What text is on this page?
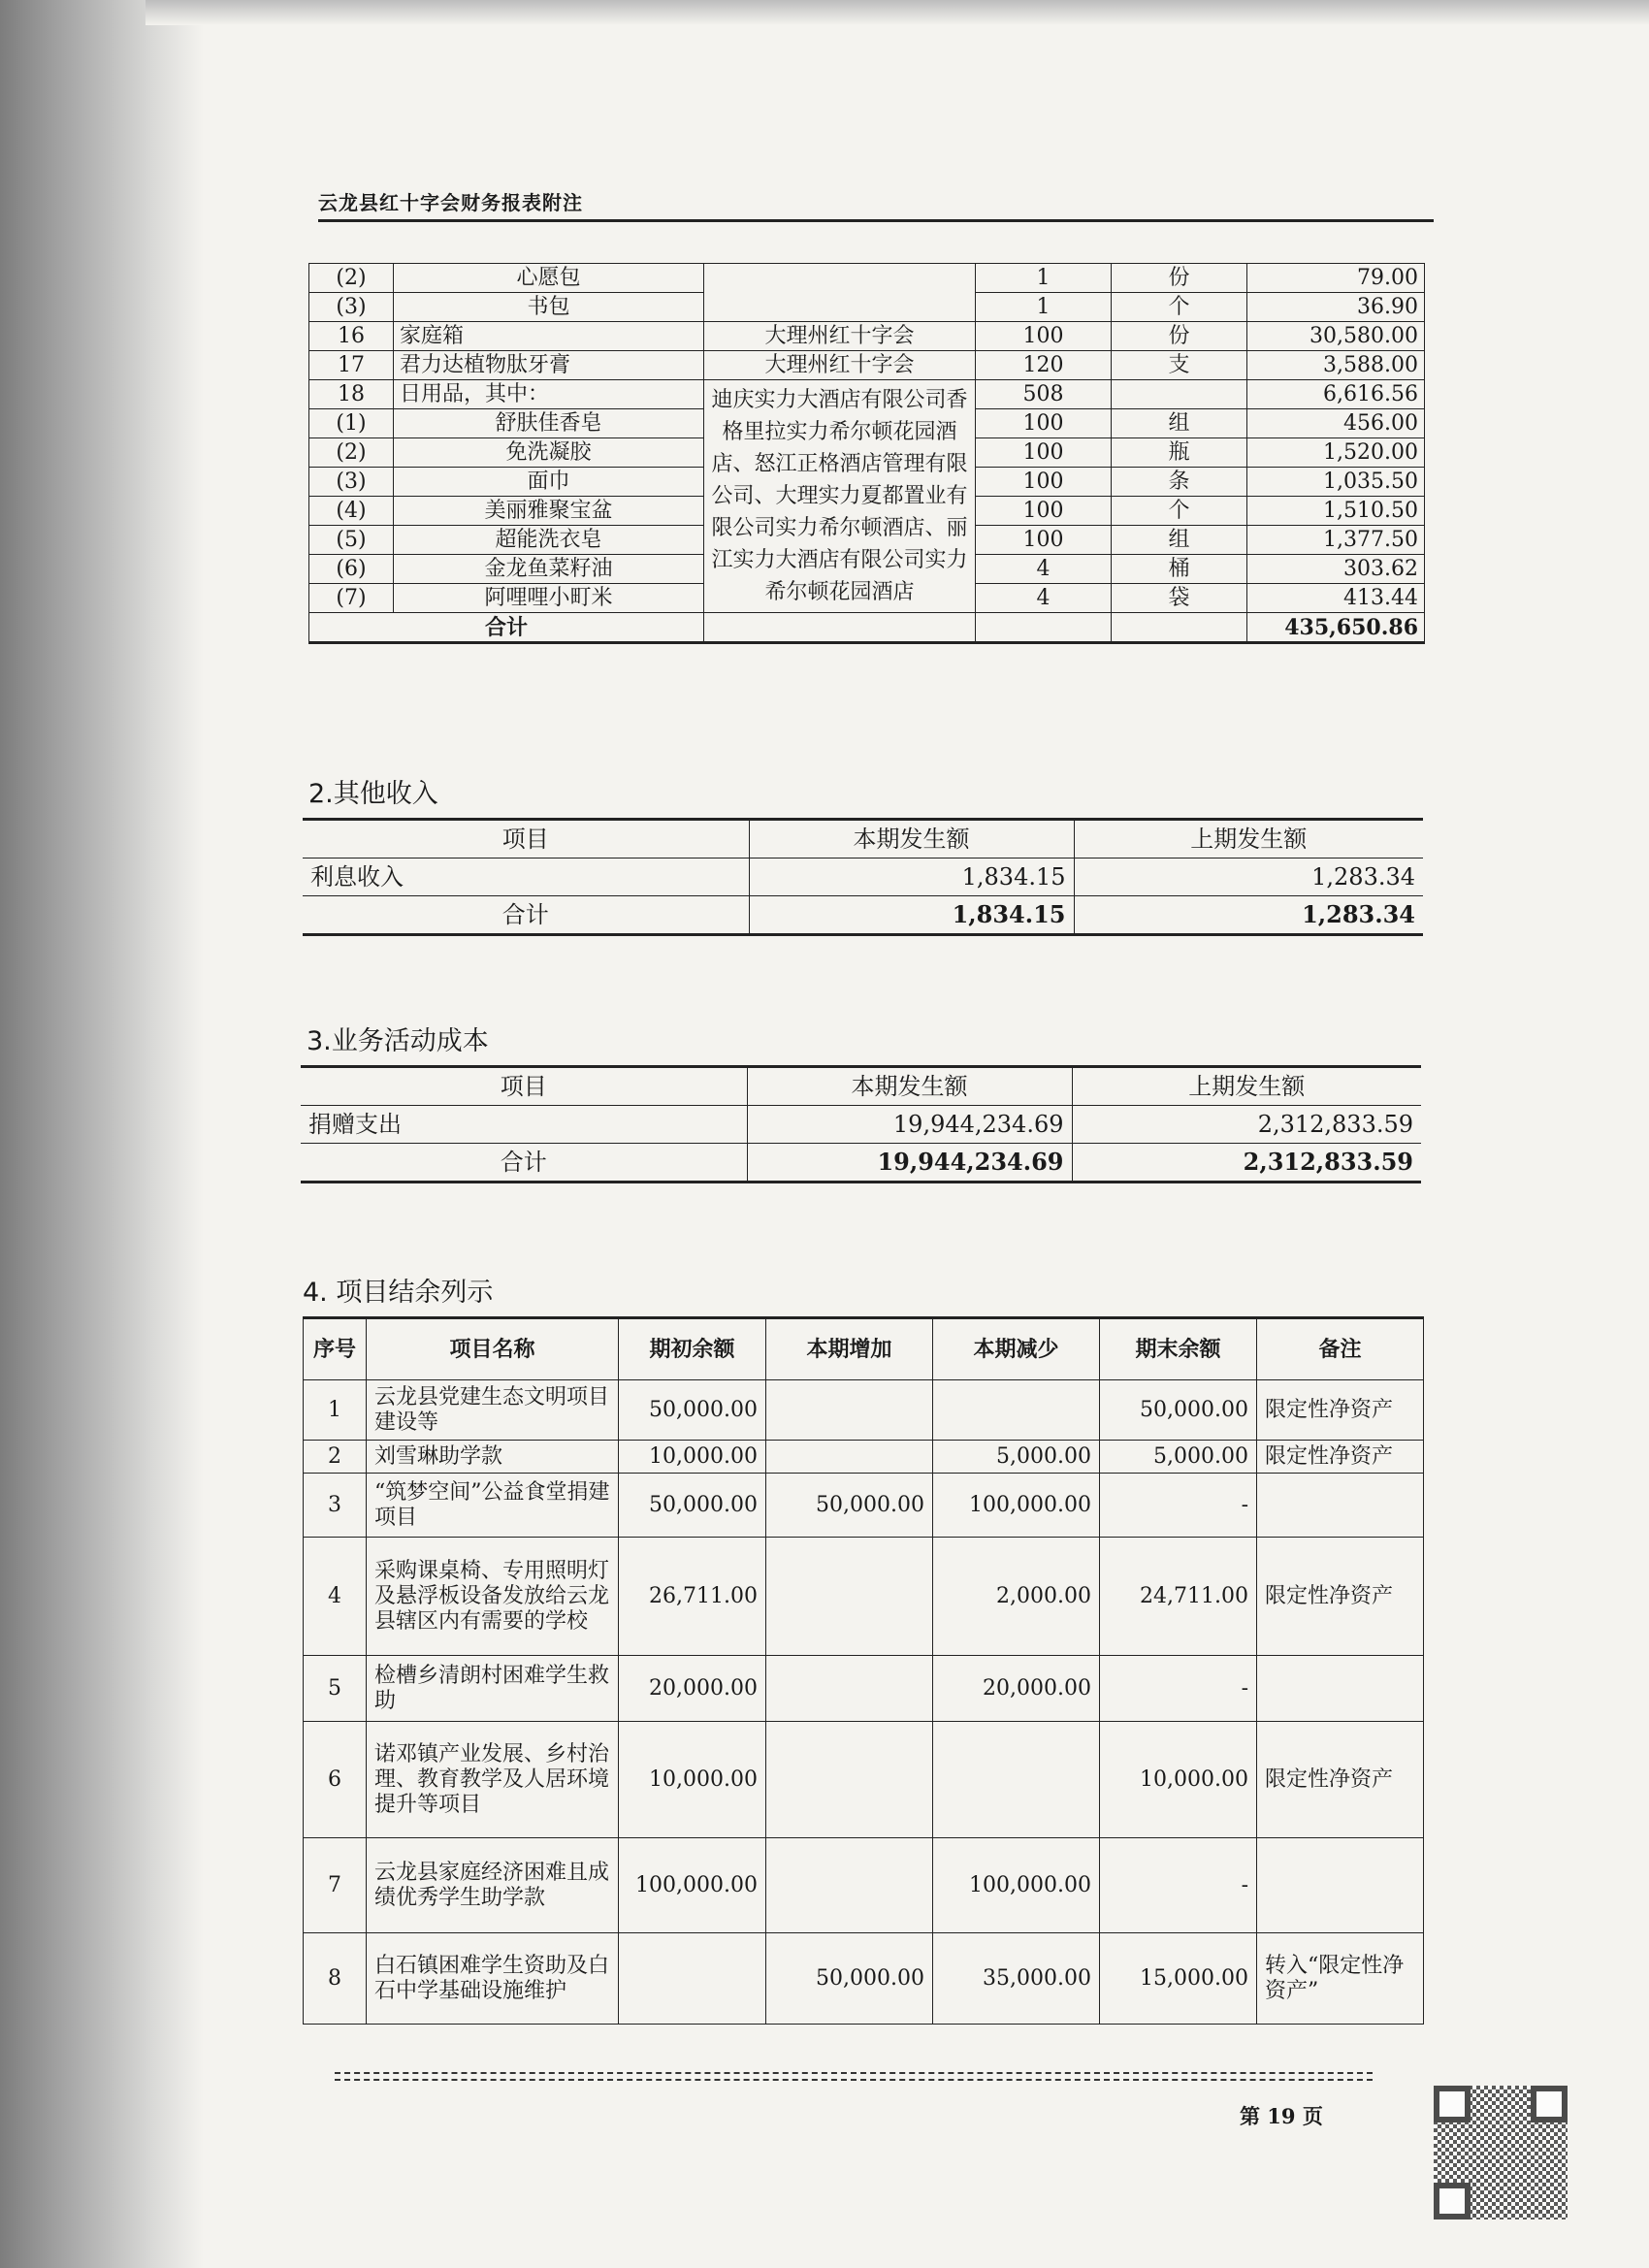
云龙县红十字会财务报表附注
(2)	心愿包		1	份	79.00
(3)	书包		1	个	36.90
16	家庭箱	大理州红十字会	100	份	30,580.00
17	君力达植物肽牙膏	大理州红十字会	120	支	3,588.00
18	日用品，其中：	迪庆实力大酒店有限公司香格里拉实力希尔顿花园酒店、怒江正格酒店管理有限公司、大理实力夏都置业有限公司实力希尔顿酒店、丽江实力大酒店有限公司实力希尔顿花园酒店	508		6,616.56
(1)	舒肤佳香皂		100	组	456.00
(2)	免洗凝胶		100	瓶	1,520.00
(3)	面巾		100	条	1,035.50
(4)	美丽雅聚宝盆		100	个	1,510.50
(5)	超能洗衣皂		100	组	1,377.50
(6)	金龙鱼菜籽油		4	桶	303.62
(7)	阿哩哩小町米		4	袋	413.44
合计					435,650.86
2.其他收入
项目	本期发生额	上期发生额
利息收入	1,834.15	1,283.34
合计	1,834.15	1,283.34
3.业务活动成本
项目	本期发生额	上期发生额
捐赠支出	19,944,234.69	2,312,833.59
合计	19,944,234.69	2,312,833.59
4. 项目结余列示
序号	项目名称	期初余额	本期增加	本期减少	期末余额	备注
1	云龙县党建生态文明项目建设等	50,000.00			50,000.00	限定性净资产
2	刘雪琳助学款	10,000.00		5,000.00	5,000.00	限定性净资产
3	“筑梦空间”公益食堂捐建项目	50,000.00	50,000.00	100,000.00	-	
4	采购课桌椅、专用照明灯及悬浮板设备发放给云龙县辖区内有需要的学校	26,711.00		2,000.00	24,711.00	限定性净资产
5	检槽乡清朗村困难学生救助	20,000.00		20,000.00	-	
6	诺邓镇产业发展、乡村治理、教育教学及人居环境提升等项目	10,000.00			10,000.00	限定性净资产
7	云龙县家庭经济困难且成绩优秀学生助学款	100,000.00		100,000.00	-	
8	白石镇困难学生资助及白石中学基础设施维护		50,000.00	35,000.00	15,000.00	转入“限定性净资产”
第 19 页
